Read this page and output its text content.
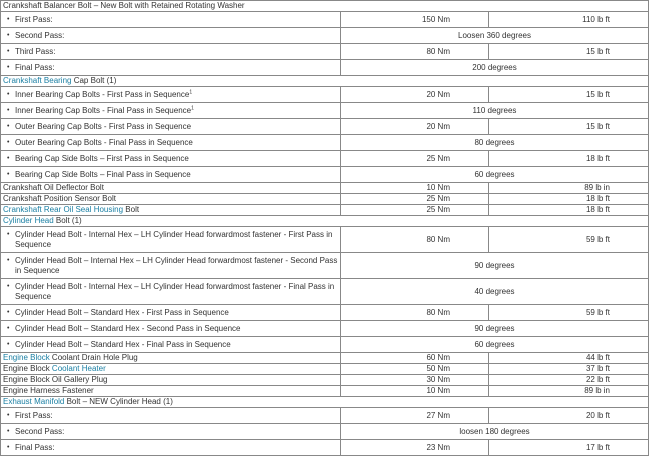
Crankshaft Balancer Bolt – New Bolt with Retained Rotating Washer		

• First Pass:	150 Nm	110 lb ft

• Second Pass:	Loosen 360 degrees	

• Third Pass:	80 Nm	15 lb ft

• Final Pass:	200 degrees	
Crankshaft Bearing Cap Bolt (1)		

• Inner Bearing Cap Bolts - First Pass in Sequence$^1$	20 Nm	15 lb ft

• Inner Bearing Cap Bolts - Final Pass in Sequence$^1$	110 degrees	

• Outer Bearing Cap Bolts - First Pass in Sequence	20 Nm	15 lb ft

• Outer Bearing Cap Bolts - Final Pass in Sequence	80 degrees	

• Bearing Cap Side Bolts – First Pass in Sequence	25 Nm	18 lb ft

• Bearing Cap Side Bolts – Final Pass in Sequence	60 degrees	
Crankshaft Oil Deflector Bolt	10 Nm	89 lb in
Crankshaft Position Sensor Bolt	25 Nm	18 lb ft
Crankshaft Rear Oil Seal Housing Bolt	25 Nm	18 lb ft
Cylinder Head Bolt (1)		

• Cylinder Head Bolt - Internal Hex – LH Cylinder Head forwardmost fastener - First Pass in Sequence	80 Nm	59 lb ft

• Cylinder Head Bolt – Internal Hex – LH Cylinder Head forwardmost fastener - Second Pass in Sequence	90 degrees	

• Cylinder Head Bolt - Internal Hex – LH Cylinder Head forwardmost fastener - Final Pass in Sequence	40 degrees	

• Cylinder Head Bolt – Standard Hex - First Pass in Sequence	80 Nm	59 lb ft

• Cylinder Head Bolt – Standard Hex - Second Pass in Sequence	90 degrees	

• Cylinder Head Bolt – Standard Hex - Final Pass in Sequence	60 degrees	
Engine Block Coolant Drain Hole Plug	60 Nm	44 lb ft
Engine Block Coolant Heater	50 Nm	37 lb ft
Engine Block Oil Gallery Plug	30 Nm	22 lb ft
Engine Harness Fastener	10 Nm	89 lb in
Exhaust Manifold Bolt – NEW Cylinder Head (1)		

• First Pass:	27 Nm	20 lb ft

• Second Pass:	loosen 180 degrees	

• Final Pass:	23 Nm	17 lb ft
